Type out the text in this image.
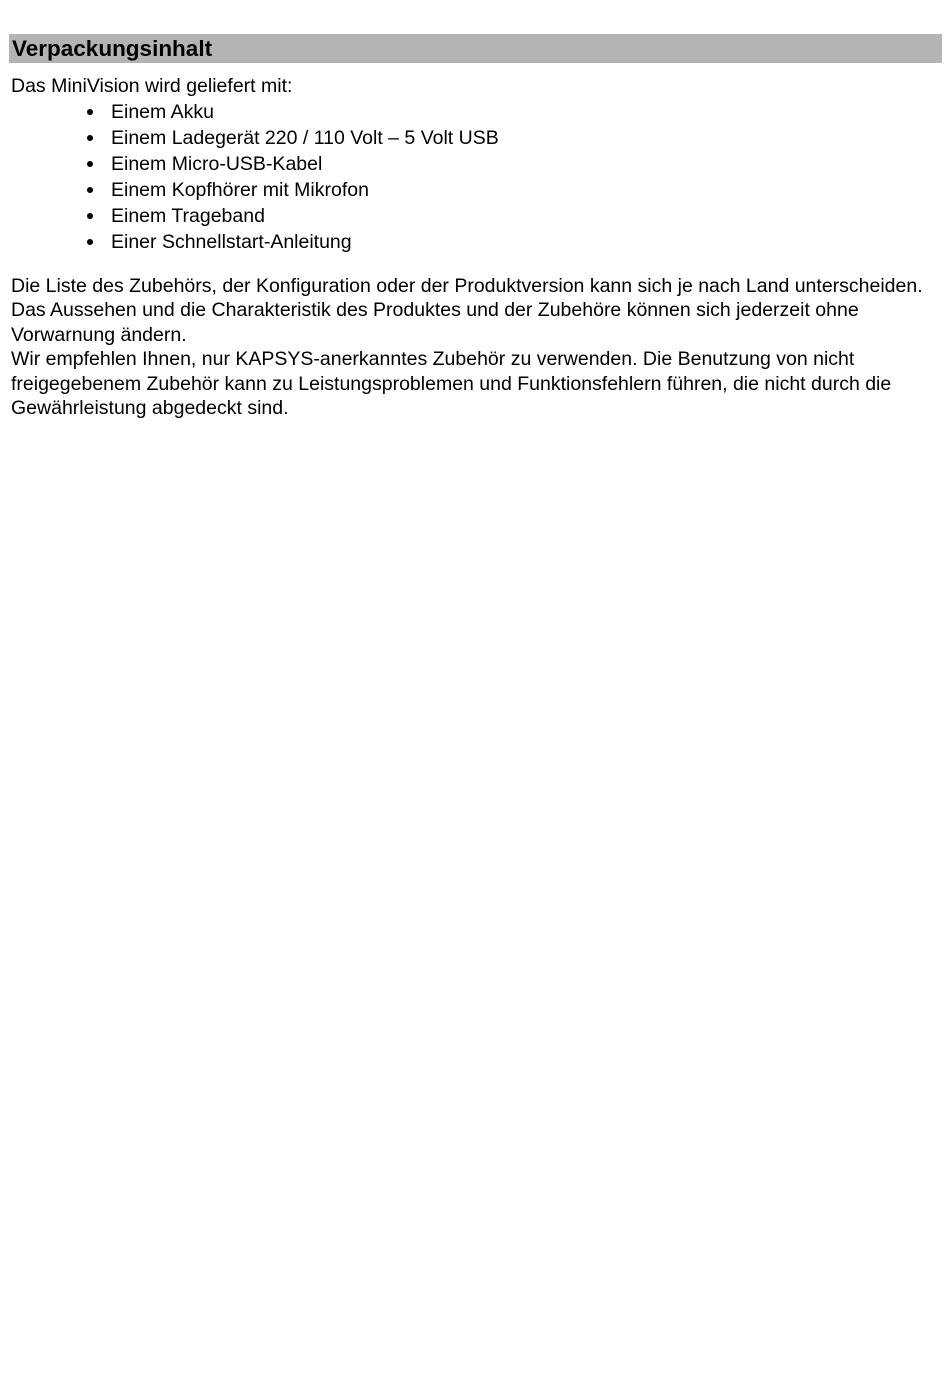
Verpackungsinhalt

Das MiniVision wird geliefert mit:

Einem Akku
Einem Ladegerät 220 / 110 Volt – 5 Volt USB
Einem Micro-USB-Kabel
Einem Kopfhörer mit Mikrofon
Einem Trageband
Einer Schnellstart-Anleitung

Die Liste des Zubehörs, der Konfiguration oder der Produktversion kann sich je nach Land unterscheiden.

Das Aussehen und die Charakteristik des Produktes und der Zubehöre können sich jederzeit ohne Vorwarnung ändern.

Wir empfehlen Ihnen, nur KAPSYS-anerkanntes Zubehör zu verwenden. Die Benutzung von nicht freigegebenem Zubehör kann zu Leistungsproblemen und Funktionsfehlern führen, die nicht durch die Gewährleistung abgedeckt sind.
